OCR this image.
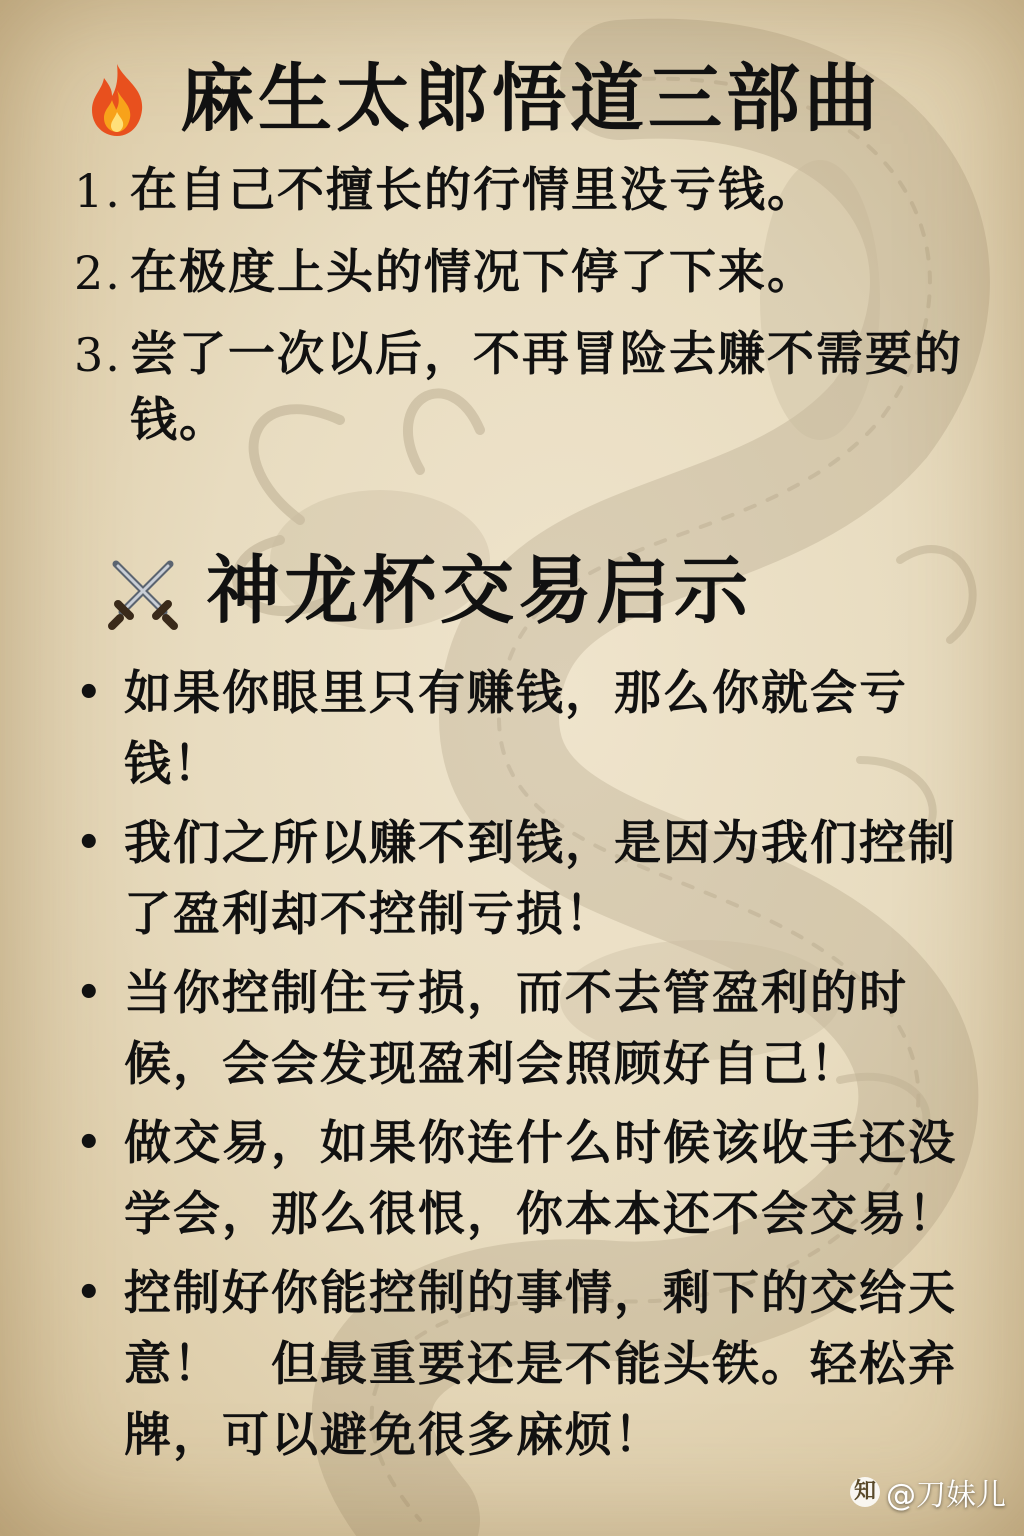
麻生太郎悟道三部曲
1. 在自己不擅长的行情里没亏钱。
2. 在极度上头的情况下停了下来。
3. 尝了一次以后，不再冒险去赚不需要的钱。
神龙杯交易启示
• 如果你眼里只有赚钱，那么你就会亏钱！
• 我们之所以赚不到钱，是因为我们控制了盈利却不控制亏损！
• 当你控制住亏损，而不去管盈利的时候，会会发现盈利会照顾好自己！
• 做交易，如果你连什么时候该收手还没学会，那么很恨，你本本还不会交易！
• 控制好你能控制的事情，剩下的交给天意！　但最重要还是不能头铁。轻松弃牌，可以避免很多麻烦！
知 @刀妹儿
